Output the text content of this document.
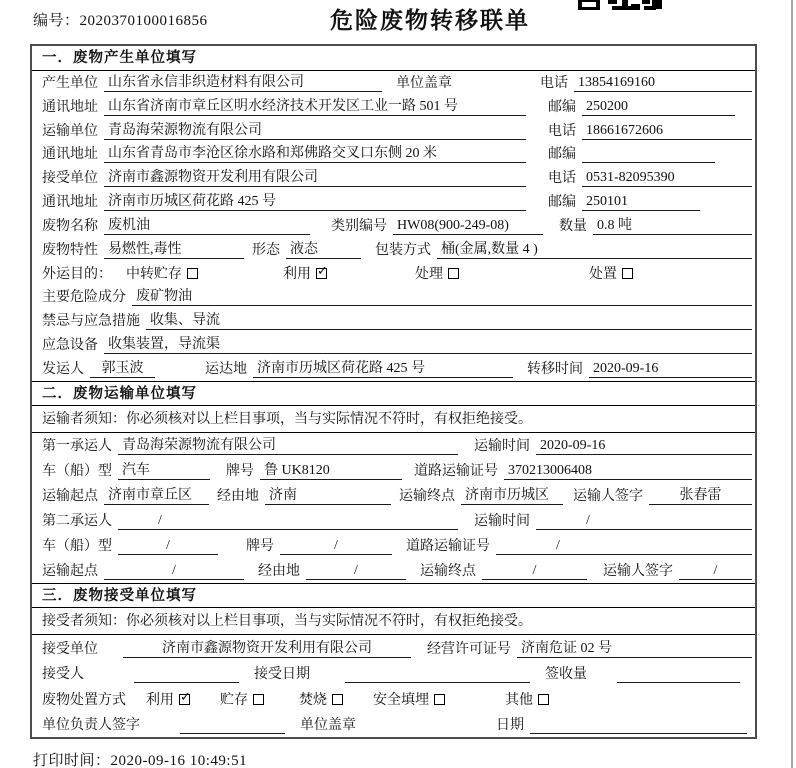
编号：2020370100016856	危险废物转移联单
一．废物产生单位填写
产生单位 山东省永信非织造材料有限公司	单位盖章	电话 13854169160
通讯地址 山东省济南市章丘区明水经济技术开发区工业一路 501 号	邮编 250200
运输单位 青岛海荣源物流有限公司	电话 18661672606
通讯地址 山东省青岛市李沧区徐水路和郑佛路交叉口东侧 20 米	邮编
接受单位 济南市鑫源物资开发利用有限公司	电话 0531-82095390
通讯地址 济南市历城区荷花路 425 号	邮编 250101
废物名称 废机油	类别编号 HW08(900-249-08)	数量 0.8 吨
废物特性 易燃性,毒性	形态 液态	包装方式 桶(金属,数量 4 )
外运目的： 中转贮存	利用 ✓	处理	处置
主要危险成分 废矿物油
禁忌与应急措施 收集、导流
应急设备 收集装置，导流渠
发运人	郭玉波	运达地 济南市历城区荷花路 425 号	转移时间 2020-09-16
二．废物运输单位填写
运输者须知：你必须核对以上栏目事项，当与实际情况不符时，有权拒绝接受。
第一承运人 青岛海荣源物流有限公司	运输时间 2020-09-16
车（船）型 汽车	牌号 鲁 UK8120	道路运输证号 370213006408
运输起点 济南市章丘区	经由地 济南	运输终点 济南市历城区	运输人签字	张春雷
第二承运人	/	运输时间	/
车（船）型	/	牌号	/	道路运输证号	/
运输起点	/	经由地	/	运输终点	/	运输人签字	/
三．废物接受单位填写
接受者须知：你必须核对以上栏目事项，当与实际情况不符时，有权拒绝接受。
接受单位	济南市鑫源物资开发利用有限公司	经营许可证号 济南危证 02 号
接受人	接受日期	签收量
废物处置方式 利用 ✓	贮存	焚烧	安全填埋	其他
单位负责人签字	单位盖章	日期
打印时间：2020-09-16 10:49:51
